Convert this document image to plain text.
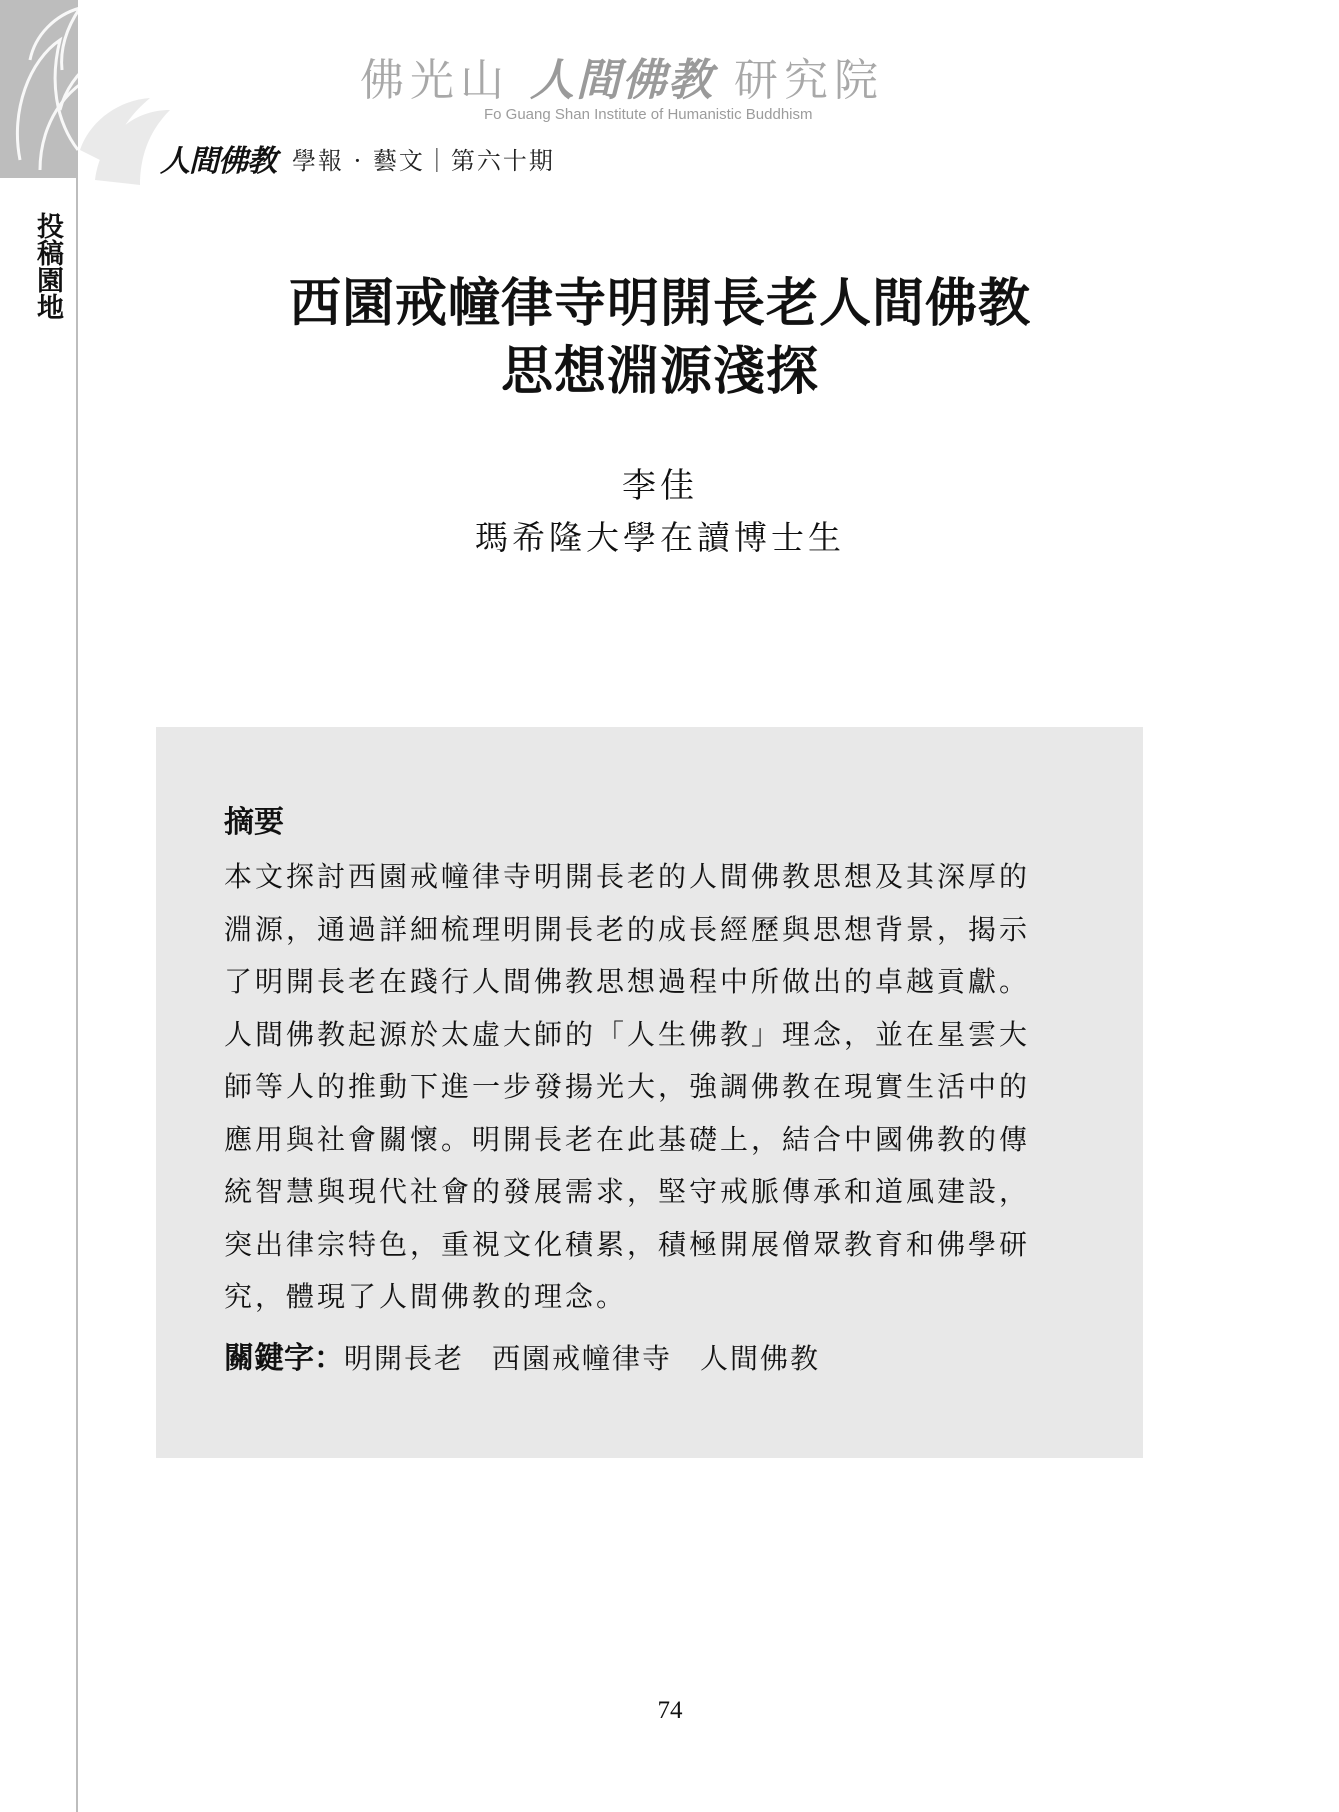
投稿園地
佛光山 人間佛教 研究院
Fo Guang Shan Institute of Humanistic Buddhism
人間佛教 學報 · 藝文｜第六十期
西園戒幢律寺明開長老人間佛教
思想淵源淺探
李佳
瑪希隆大學在讀博士生
摘要
本文探討西園戒幢律寺明開長老的人間佛教思想及其深厚的
淵源，通過詳細梳理明開長老的成長經歷與思想背景，揭示
了明開長老在踐行人間佛教思想過程中所做出的卓越貢獻。
人間佛教起源於太虛大師的「人生佛教」理念，並在星雲大
師等人的推動下進一步發揚光大，強調佛教在現實生活中的
應用與社會關懷。明開長老在此基礎上，結合中國佛教的傳
統智慧與現代社會的發展需求，堅守戒脈傳承和道風建設，
突出律宗特色，重視文化積累，積極開展僧眾教育和佛學研
究，體現了人間佛教的理念。
關鍵字：明開長老 西園戒幢律寺 人間佛教
74
